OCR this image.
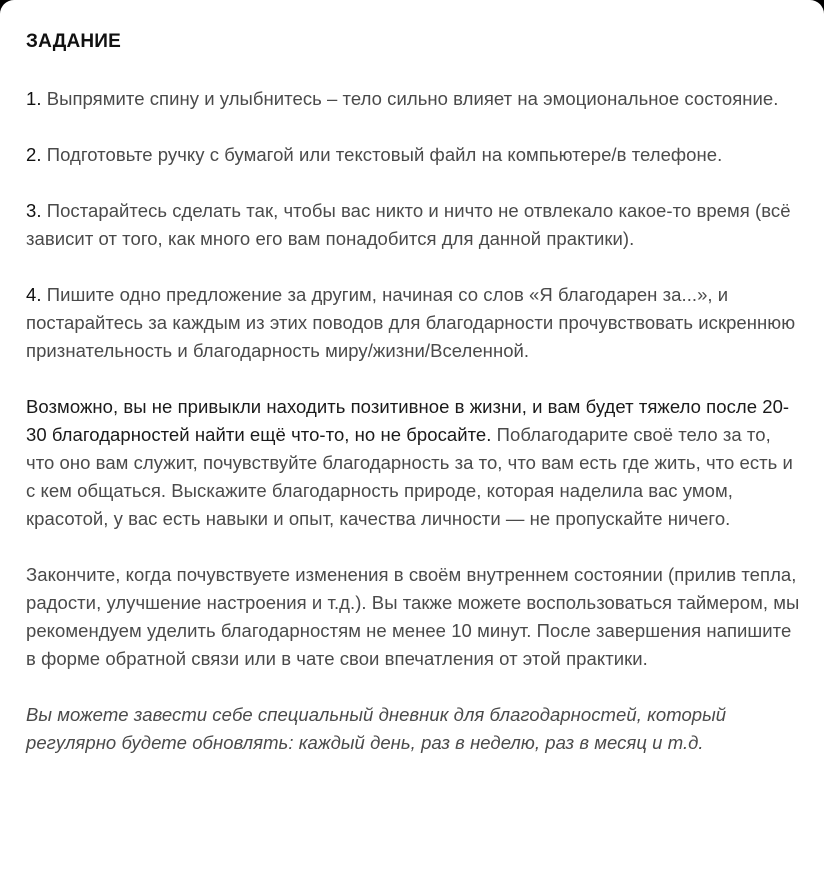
ЗАДАНИЕ

1. Выпрямите спину и улыбнитесь – тело сильно влияет на эмоциональное состояние.

2. Подготовьте ручку с бумагой или текстовый файл на компьютере/в телефоне.

3. Постарайтесь сделать так, чтобы вас никто и ничто не отвлекало какое-то время (всё зависит от того, как много его вам понадобится для данной практики).

4. Пишите одно предложение за другим, начиная со слов «Я благодарен за...», и постарайтесь за каждым из этих поводов для благодарности прочувствовать искреннюю признательность и благодарность миру/жизни/Вселенной.

Возможно, вы не привыкли находить позитивное в жизни, и вам будет тяжело после 20-30 благодарностей найти ещё что-то, но не бросайте. Поблагодарите своё тело за то, что оно вам служит, почувствуйте благодарность за то, что вам есть где жить, что есть и с кем общаться. Выскажите благодарность природе, которая наделила вас умом, красотой, у вас есть навыки и опыт, качества личности — не пропускайте ничего.

Закончите, когда почувствуете изменения в своём внутреннем состоянии (прилив тепла, радости, улучшение настроения и т.д.). Вы также можете воспользоваться таймером, мы рекомендуем уделить благодарностям не менее 10 минут. После завершения напишите в форме обратной связи или в чате свои впечатления от этой практики.

Вы можете завести себе специальный дневник для благодарностей, который регулярно будете обновлять: каждый день, раз в неделю, раз в месяц и т.д.
